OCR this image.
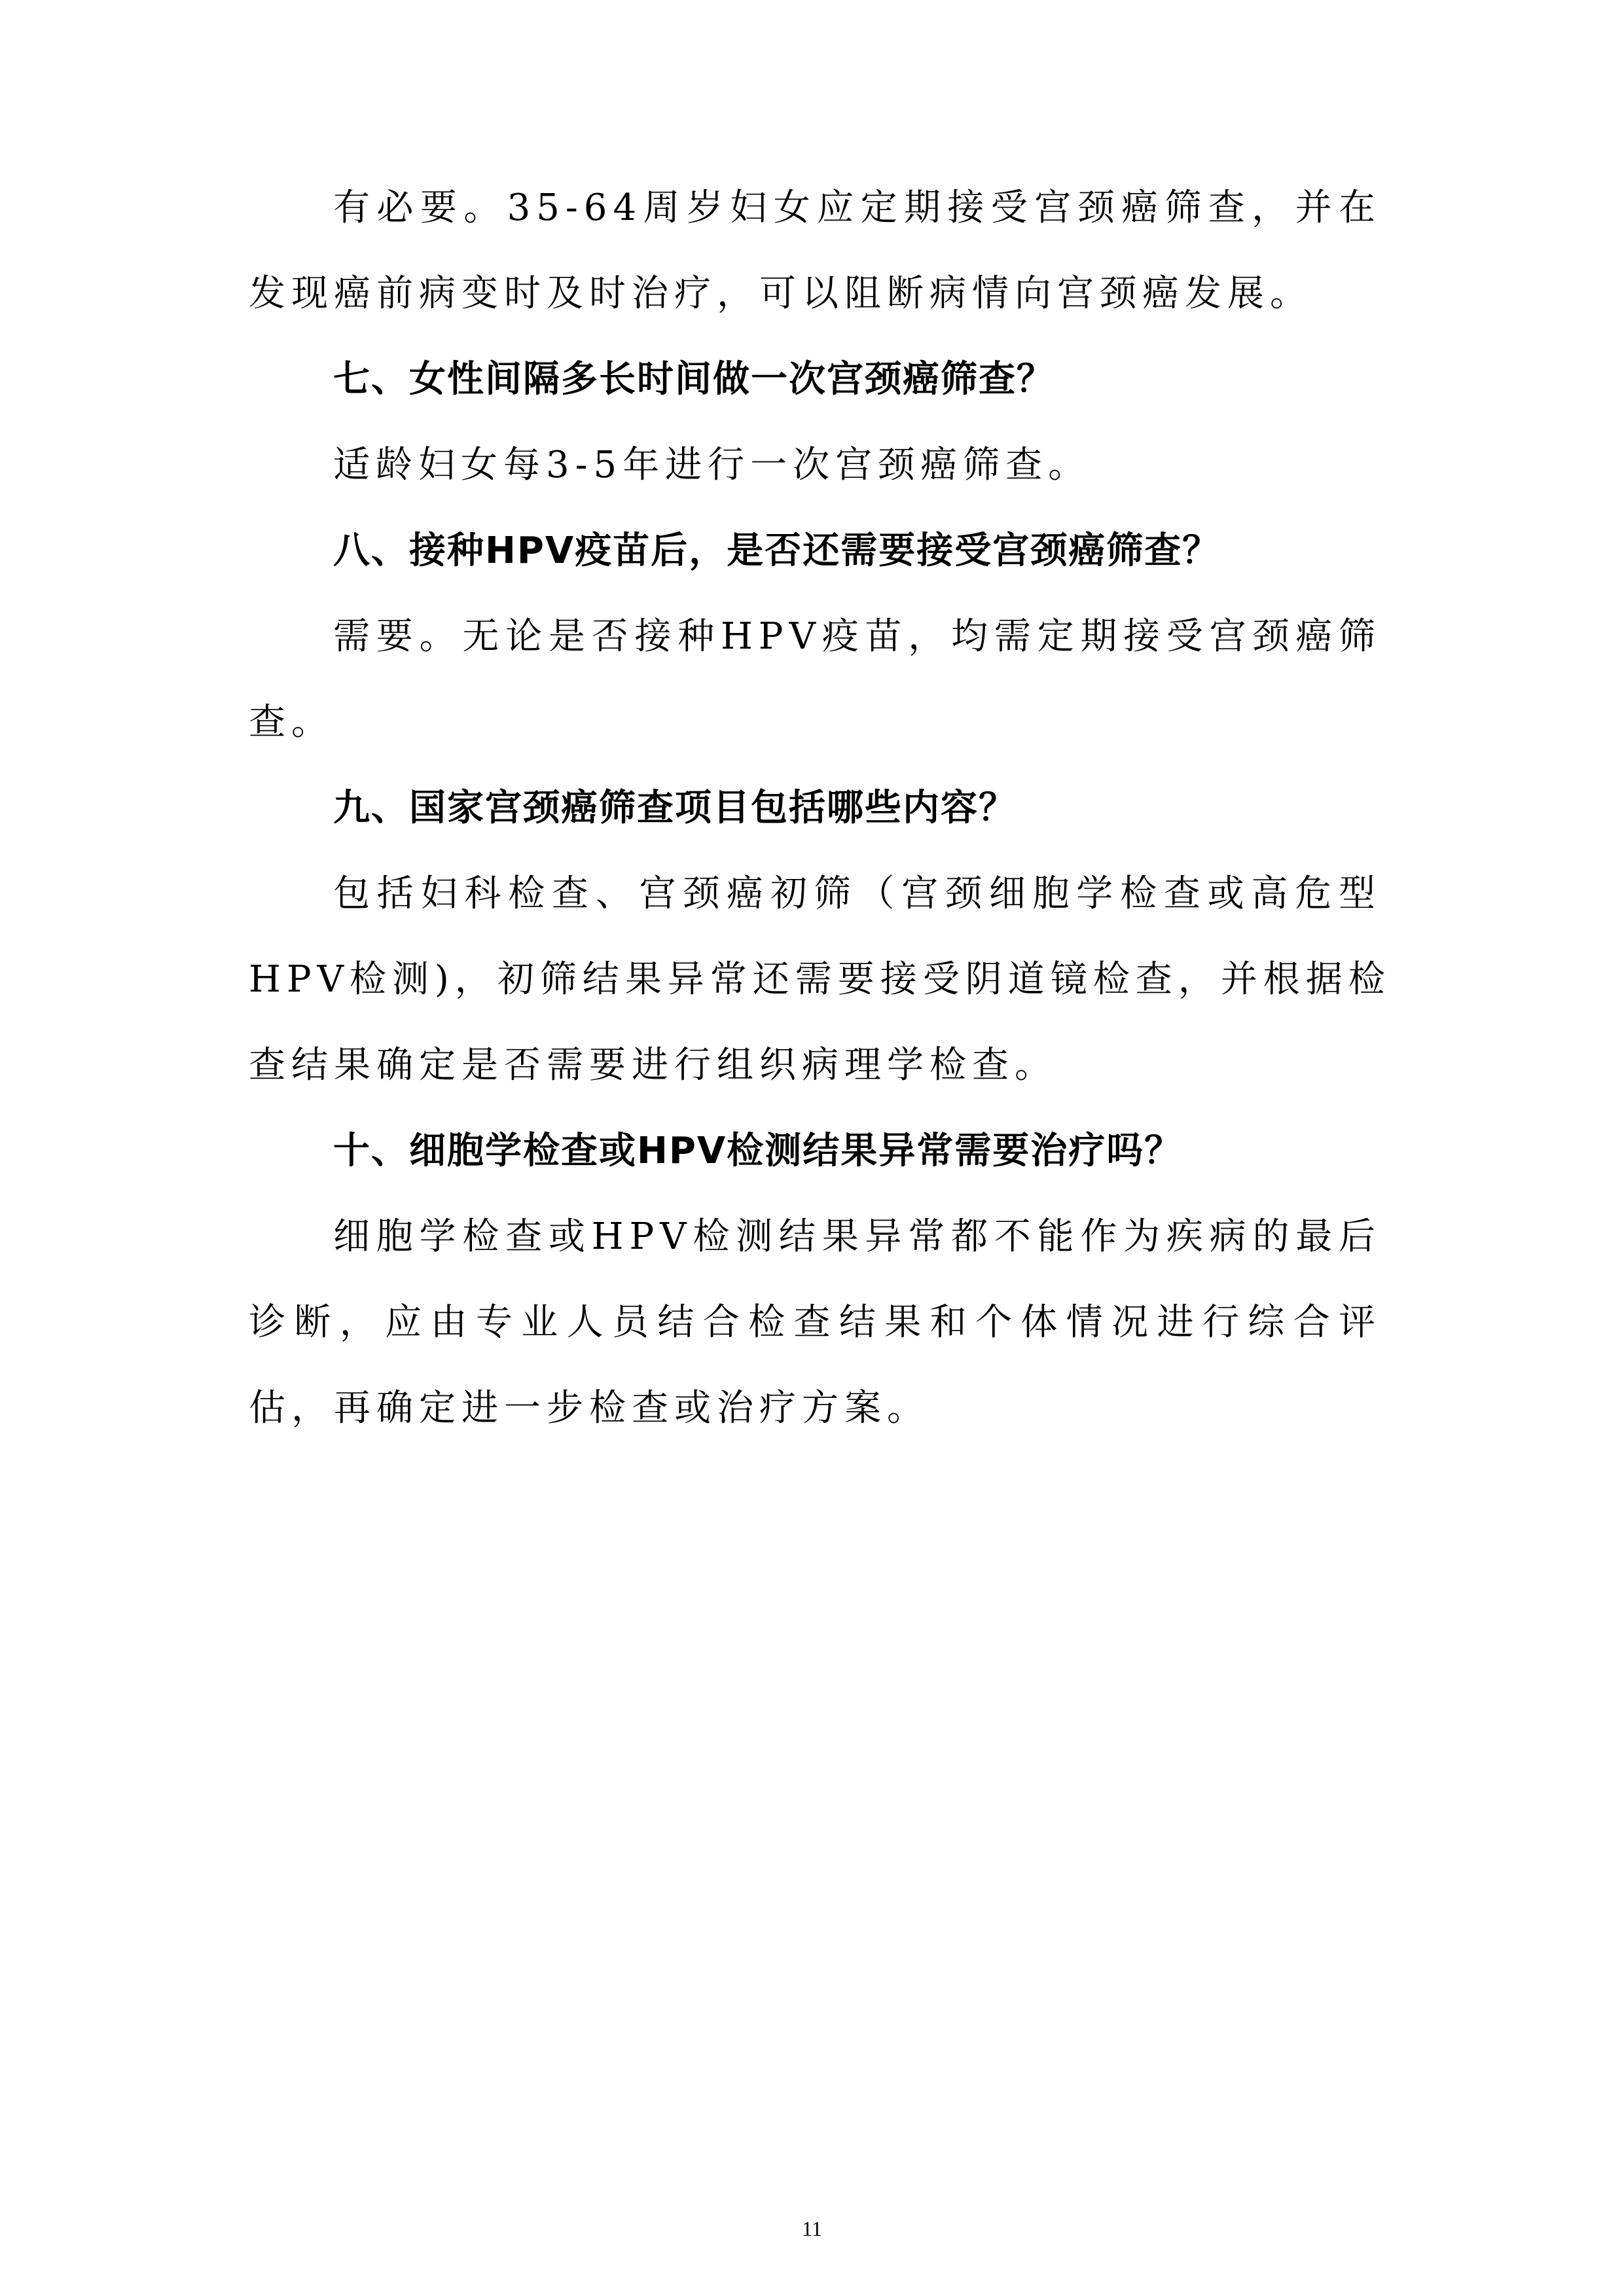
有必要。35-64周岁妇女应定期接受宫颈癌筛查，并在

发现癌前病变时及时治疗，可以阻断病情向宫颈癌发展。

七、女性间隔多长时间做一次宫颈癌筛查？

适龄妇女每3-5年进行一次宫颈癌筛查。

八、接种HPV疫苗后，是否还需要接受宫颈癌筛查？

需要。无论是否接种HPV疫苗，均需定期接受宫颈癌筛

查。

九、国家宫颈癌筛查项目包括哪些内容？

包括妇科检查、宫颈癌初筛（宫颈细胞学检查或高危型

HPV检测)，初筛结果异常还需要接受阴道镜检查，并根据检

查结果确定是否需要进行组织病理学检查。

十、细胞学检查或HPV检测结果异常需要治疗吗？

细胞学检查或HPV检测结果异常都不能作为疾病的最后

诊断，应由专业人员结合检查结果和个体情况进行综合评

估，再确定进一步检查或治疗方案。

11
